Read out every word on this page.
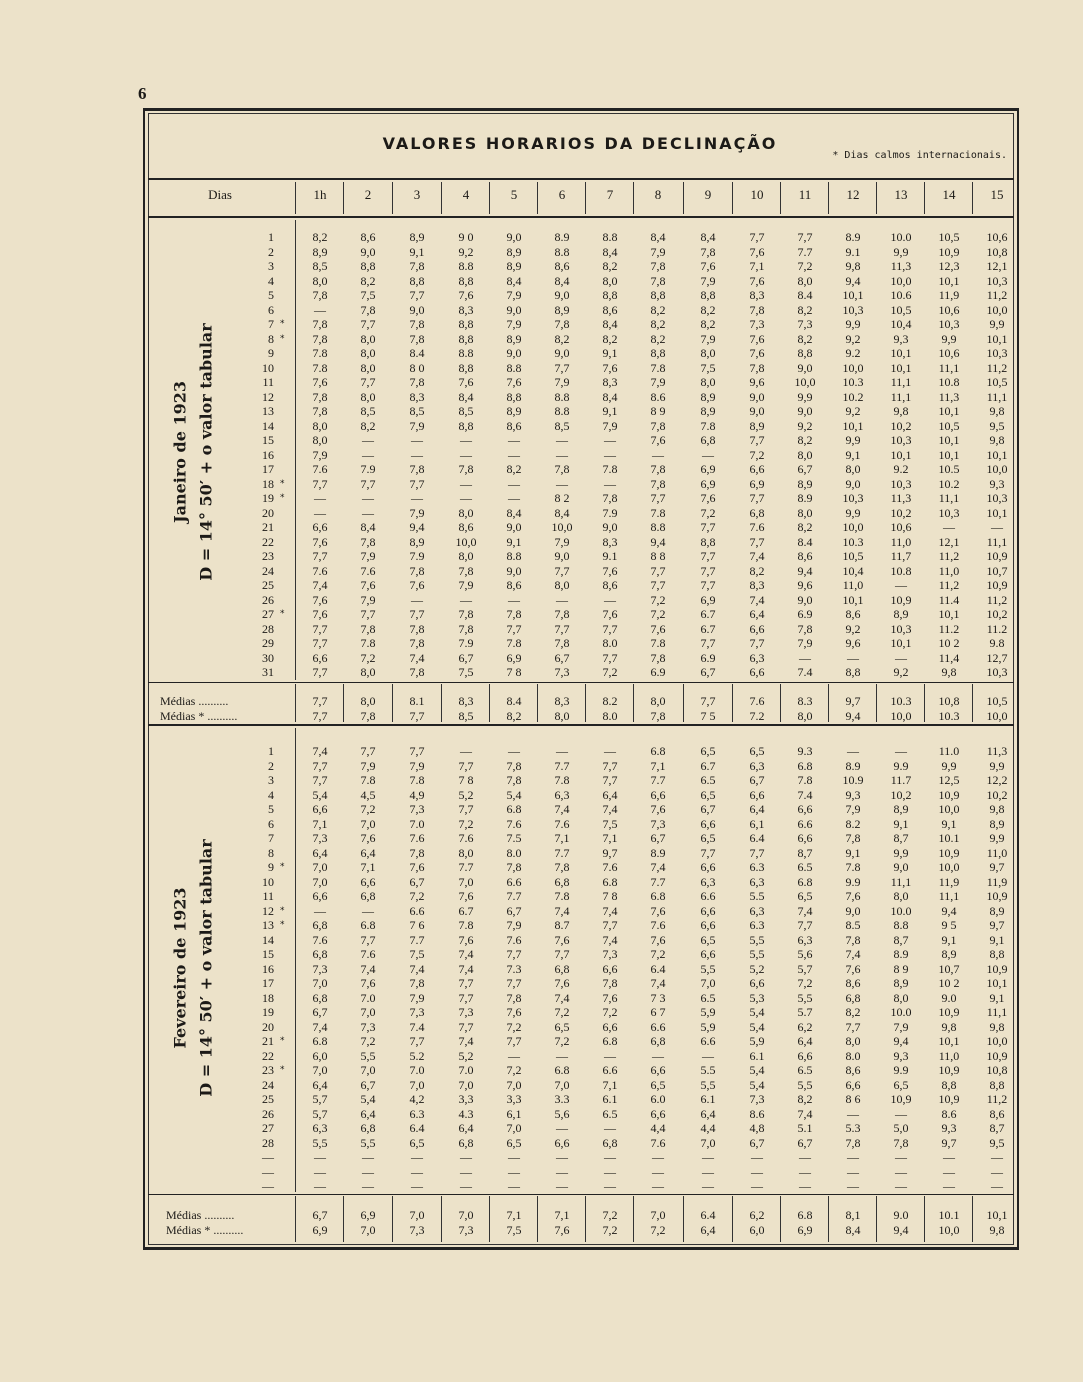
6
VALORES HORARIOS DA DECLINAÇÃO
* Dias calmos internacionais.
Dias	1h	2	3	4	5	6	7	8	9	10	11	12	13	14	15
Janeiro de 1923 D = 14° 50′ + o valor tabular
1	8,2	8,6	8,9	9 0	9,0	8.9	8.8	8,4	8,4	7,7	7,7	8.9	10.0	10,5	10,6
2	8,9	9,0	9,1	9,2	8,9	8.8	8,4	7,9	7,8	7,6	7.7	9.1	9,9	10,9	10,8
3	8,5	8,8	7,8	8.8	8,9	8,6	8,2	7,8	7,6	7,1	7,2	9,8	11,3	12,3	12,1
4	8,0	8,2	8,8	8,8	8,4	8,4	8,0	7,8	7,9	7,6	8,0	9,4	10,0	10,1	10,3
5	7,8	7,5	7,7	7,6	7,9	9,0	8,8	8,8	8,8	8,3	8.4	10,1	10.6	11,9	11,2
6	—	7,8	9,0	8,3	9,0	8,9	8,6	8,2	8,2	7,8	8,2	10,3	10,5	10,6	10,0
7 *	7,8	7,7	7,8	8,8	7,9	7,8	8,4	8,2	8,2	7,3	7,3	9,9	10,4	10,3	9,9
8 *	7,8	8,0	7,8	8,8	8,9	8,2	8,2	8,2	7,9	7,6	8,2	9,2	9,3	9,9	10,1
9	7.8	8,0	8.4	8.8	9,0	9,0	9,1	8,8	8,0	7,6	8,8	9.2	10,1	10,6	10,3
10	7.8	8,0	8 0	8,8	8.8	7,7	7,6	7.8	7,5	7,8	9,0	10,0	10,1	11,1	11,2
11	7,6	7,7	7,8	7,6	7,6	7,9	8,3	7,9	8,0	9,6	10,0	10.3	11,1	10.8	10,5
12	7,8	8,0	8,3	8,4	8,8	8.8	8,4	8.6	8,9	9,0	9,9	10.2	11,1	11,3	11,1
13	7,8	8,5	8,5	8,5	8,9	8.8	9,1	8 9	8,9	9,0	9,0	9,2	9,8	10,1	9,8
14	8,0	8,2	7,9	8,8	8,6	8,5	7,9	7,8	7.8	8,9	9,2	10,1	10,2	10,5	9,5
15	8,0	—	—	—	—	—	—	7,6	6,8	7,7	8,2	9,9	10,3	10,1	9,8
16	7,9	—	—	—	—	—	—	—	—	7,2	8,0	9,1	10,1	10,1	10,1
17	7.6	7.9	7,8	7,8	8,2	7,8	7.8	7,8	6,9	6,6	6,7	8,0	9.2	10.5	10,0
18 *	7,7	7,7	7,7	—	—	—	—	7,8	6,9	6,9	8,9	9,0	10,3	10.2	9,3
19 *	—	—	—	—	—	8 2	7,8	7,7	7,6	7,7	8.9	10,3	11,3	11,1	10,3
20	—	—	7,9	8,0	8,4	8,4	7.9	7.8	7,2	6,8	8,0	9,9	10,2	10,3	10,1
21	6,6	8,4	9,4	8,6	9,0	10,0	9,0	8.8	7,7	7.6	8,2	10,0	10,6	—	—
22	7,6	7,8	8,9	10,0	9,1	7,9	8,3	9,4	8,8	7,7	8.4	10.3	11,0	12,1	11,1
23	7,7	7,9	7.9	8,0	8.8	9,0	9.1	8 8	7,7	7,4	8,6	10,5	11,7	11,2	10,9
24	7.6	7.6	7,8	7,8	9,0	7,7	7,6	7,7	7,7	8,2	9,4	10,4	10.8	11,0	10,7
25	7,4	7,6	7,6	7,9	8,6	8,0	8,6	7,7	7,7	8,3	9,6	11,0	—	11,2	10,9
26	7,6	7,9	—	—	—	—	—	7,2	6,9	7,4	9,0	10,1	10,9	11.4	11,2
27 *	7,6	7,7	7,7	7,8	7,8	7,8	7,6	7,2	6.7	6,4	6.9	8,6	8,9	10,1	10,2
28	7,7	7,8	7,8	7,8	7,7	7,7	7,7	7,6	6.7	6,6	7,8	9,2	10,3	11.2	11.2
29	7,7	7.8	7,8	7.9	7.8	7,8	8.0	7.8	7,7	7,7	7,9	9,6	10,1	10 2	9.8
30	6,6	7,2	7,4	6,7	6,9	6,7	7,7	7,8	6.9	6,3	—	—	—	11,4	12,7
31	7,7	8,0	7,8	7,5	7 8	7,3	7,2	6.9	6,7	6,6	7.4	8,8	9,2	9,8	10,3
Médias ..........	7,7	8,0	8.1	8,3	8.4	8,3	8.2	8,0	7,7	7.6	8.3	9,7	10.3	10,8	10,5
Médias * ..........	7,7	7,8	7,7	8,5	8,2	8,0	8.0	7,8	7 5	7.2	8,0	9,4	10,0	10.3	10,0
Fevereiro de 1923 D = 14° 50′ + o valor tabular
1	7,4	7,7	7,7	—	—	—	—	6.8	6,5	6,5	9.3	—	—	11.0	11,3
2	7,7	7,9	7,9	7,7	7,8	7.7	7,7	7,1	6.7	6,3	6.8	8.9	9.9	9,9	9,9
3	7,7	7.8	7.8	7 8	7,8	7.8	7,7	7.7	6.5	6,7	7.8	10.9	11.7	12,5	12,2
4	5,4	4,5	4,9	5,2	5,4	6,3	6,4	6,6	6,5	6,6	7.4	9,3	10,2	10,9	10,2
5	6,6	7,2	7,3	7,7	6.8	7,4	7,4	7,6	6,7	6,4	6,6	7,9	8,9	10,0	9,8
6	7,1	7,0	7.0	7,2	7.6	7.6	7,5	7,3	6,6	6,1	6.6	8.2	9,1	9,1	8,9
7	7,3	7,6	7.6	7.6	7.5	7,1	7,1	6,7	6,5	6.4	6,6	7,8	8,7	10.1	9,9
8	6,4	6,4	7,8	8,0	8.0	7.7	9,7	8.9	7,7	7,7	8,7	9,1	9,9	10,9	11,0
9 *	7,0	7,1	7,6	7.7	7,8	7,8	7.6	7,4	6,6	6.3	6.5	7.8	9,0	10,0	9,7
10	7,0	6,6	6,7	7,0	6.6	6,8	6.8	7.7	6,3	6,3	6.8	9.9	11,1	11,9	11,9
11	6,6	6,8	7,2	7,6	7.7	7.8	7 8	6.8	6.6	5.5	6,5	7,6	8,0	11,1	10,9
12 *	—	—	6.6	6.7	6,7	7,4	7,4	7,6	6,6	6,3	7,4	9,0	10.0	9,4	8,9
13 *	6,8	6.8	7 6	7.8	7,9	8.7	7,7	7.6	6,6	6.3	7,7	8.5	8.8	9 5	9,7
14	7.6	7,7	7.7	7,6	7.6	7,6	7,4	7,6	6,5	5,5	6,3	7,8	8,7	9,1	9,1
15	6,8	7.6	7,5	7,4	7,7	7,7	7,3	7,2	6,6	5,5	5,6	7,4	8.9	8,9	8,8
16	7,3	7,4	7,4	7,4	7.3	6,8	6,6	6.4	5,5	5,2	5,7	7,6	8 9	10,7	10,9
17	7,0	7,6	7,8	7,7	7,7	7,6	7,8	7,4	7,0	6,6	7,2	8,6	8,9	10 2	10,1
18	6,8	7.0	7,9	7,7	7,8	7,4	7,6	7 3	6.5	5,3	5,5	6,8	8,0	9.0	9,1
19	6,7	7,0	7,3	7,3	7,6	7,2	7,2	6 7	5,9	5,4	5.7	8,2	10.0	10,9	11,1
20	7,4	7,3	7.4	7,7	7,2	6,5	6,6	6.6	5,9	5,4	6,2	7,7	7,9	9,8	9,8
21 *	6.8	7,2	7,7	7,4	7,7	7,2	6.8	6,8	6.6	5,9	6,4	8,0	9,4	10,1	10,0
22	6,0	5,5	5.2	5,2	—	—	—	—	—	6.1	6,6	8.0	9,3	11,0	10,9
23 *	7,0	7,0	7.0	7.0	7,2	6.8	6.6	6,6	5.5	5,4	6.5	8,6	9.9	10,9	10,8
24	6,4	6,7	7,0	7,0	7,0	7,0	7,1	6,5	5,5	5,4	5,5	6,6	6,5	8,8	8,8
25	5,7	5,4	4,2	3,3	3,3	3.3	6.1	6.0	6.1	7,3	8,2	8 6	10,9	10,9	11,2
26	5,7	6,4	6.3	4.3	6,1	5,6	6.5	6,6	6,4	8.6	7,4	—	—	8.6	8,6
27	6,3	6,8	6.4	6,4	7,0	—	—	4,4	4,4	4,8	5.1	5.3	5,0	9,3	8,7
28	5,5	5,5	6,5	6,8	6,5	6,6	6,8	7.6	7,0	6,7	6,7	7,8	7,8	9,7	9,5
—	—	—	—	—	—	—	—	—	—	—	—	—	—	—	—
—	—	—	—	—	—	—	—	—	—	—	—	—	—	—	—
—	—	—	—	—	—	—	—	—	—	—	—	—	—	—	—
Médias ..........	6,7	6,9	7,0	7,0	7,1	7,1	7,2	7,0	6.4	6,2	6.8	8,1	9.0	10.1	10,1
Médias * ..........	6,9	7,0	7,3	7,3	7,5	7,6	7,2	7,2	6,4	6,0	6,9	8,4	9,4	10,0	9,8
